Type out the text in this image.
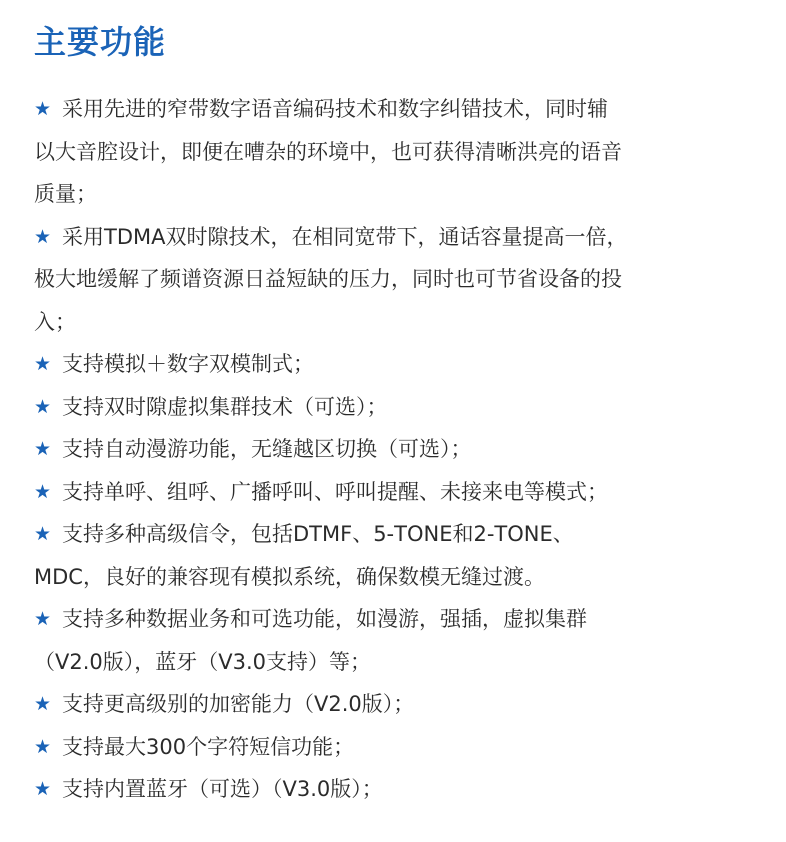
主要功能
★ 采用先进的窄带数字语音编码技术和数字纠错技术，同时辅
以大音腔设计，即便在嘈杂的环境中，也可获得清晰洪亮的语音
质量；
★ 采用TDMA双时隙技术，在相同宽带下，通话容量提高一倍，
极大地缓解了频谱资源日益短缺的压力，同时也可节省设备的投
入；
★ 支持模拟＋数字双模制式；
★ 支持双时隙虚拟集群技术（可选）；
★ 支持自动漫游功能，无缝越区切换（可选）；
★ 支持单呼、组呼、广播呼叫、呼叫提醒、未接来电等模式；
★ 支持多种高级信令，包括DTMF、5-TONE和2-TONE、
MDC，良好的兼容现有模拟系统，确保数模无缝过渡。
★ 支持多种数据业务和可选功能，如漫游，强插，虚拟集群
（V2.0版），蓝牙（V3.0支持）等；
★ 支持更高级别的加密能力（V2.0版）；
★ 支持最大300个字符短信功能；
★ 支持内置蓝牙（可选）（V3.0版）；
